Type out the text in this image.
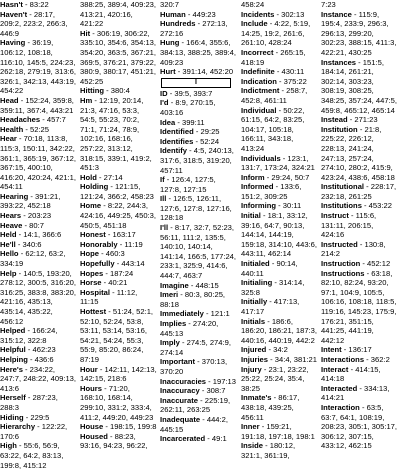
Hasn't - 83:22
Haven't - 28:17, 209:2, 223:2, 266:3, 446:9
Having - 36:19, 106:12, 108:18, 116:10, 145:5, 224:23, 262:18, 279:19, 313:6, 326:1, 342:13, 443:19, 454:22
Head - 152:24, 359:8, 359:11, 367:4, 443:21
Headaches - 457:7
Health - 52:25
Hear - 70:18, 113:8, 115:3, 150:11, 342:22, 361:1, 365:19, 367:12, 367:15, 400:10, 416:20, 420:24, 421:1, 454:11
Hearing - 391:21, 393:22, 452:18
Hears - 203:23
Heave - 80:7
Held - 14:1, 366:6
He'll - 340:6
Hello - 62:12, 63:2, 334:19
Help - 140:5, 193:20, 278:12, 300:5, 316:20, 316:25, 383:8, 383:20, 421:16, 435:13, 435:14, 435:22, 456:12
Helped - 166:24, 315:12, 322:8
Helpful - 462:23
Helping - 436:6
Here's - 234:22, 247:7, 248:22, 409:13, 413:6
Herself - 287:23, 288:3
Hiding - 229:5
Hierarchy - 122:22, 170:6
High - 55:6, 56:9, 63:22, 64:2, 83:13, 199:8, 415:12
388:25, 389:4, 409:23, 413:21, 420:16, 421:22
Hit - 306:19, 306:22, 335:10, 354:6, 354:13, 354:20, 363:5, 367:21, 369:5, 376:21, 379:22, 380:9, 380:17, 451:21, 452:25
Hitting - 380:4
Hm - 12:19, 20:14, 21:3, 47:16, 53:3, 54:5, 55:23, 70:2, 71:1, 71:24, 78:9, 102:16, 168:16, 257:22, 313:12, 318:15, 339:1, 419:2, 451:3
Hold - 27:14
Holding - 121:15, 121:24, 366:2, 458:23
Home - 8:22, 244:3, 424:16, 449:25, 450:3, 450:5, 451:18
Honest - 163:17
Honorably - 11:19
Hope - 460:3
Hopefully - 443:14
Hopes - 187:24
Horse - 40:21
Hospital - 11:12, 11:15
Hottest - 51:24, 52:1, 52:10, 52:24, 53:8, 53:11, 53:14, 53:16, 54:21, 54:24, 55:3, 55:9, 85:20, 86:24, 87:19
Hour - 142:11, 142:13, 142:15, 218:6
Hours - 71:20, 168:10, 168:14, 299:10, 331:2, 333:4, 411:2, 449:20, 449:23
House - 198:15, 199:8
Housed - 88:23, 93:16, 94:23, 96:22,
320:7
Human - 449:23
Hundreds - 272:13, 272:16
Hung - 166:4, 355:6, 384:13, 388:25, 389:4, 409:23
Hurt - 391:14, 452:20
I
ID - 39:5, 393:7
I'd - 8:9, 270:15, 403:16
Idea - 399:11
Identified - 29:25
Identifies - 52:24
Identify - 4:5, 240:13, 317:6, 318:5, 319:20, 457:11
If - 126:4, 127:5, 127:8, 127:15
Ill - 126:5, 126:11, 127:6, 127:8, 127:16, 128:18
I'll - 8:17, 32:7, 52:23, 56:11, 111:2, 135:5, 140:10, 140:14, 141:14, 166:5, 177:24, 233:1, 325:9, 414:6, 444:7, 463:7
Imagine - 448:15
Imeri - 80:3, 80:25, 88:18
Immediately - 121:1
Implies - 274:20, 445:13
Imply - 274:5, 274:9, 274:14
Important - 370:13, 370:20
Inaccuracies - 197:13
Inaccuracy - 308:7
Inaccurate - 225:19, 262:11, 263:25
Inadequate - 444:2, 445:15
Incarcerated - 49:1
458:24
Incidents - 302:13
Include - 4:22, 5:19, 14:25, 19:2, 261:6, 261:10, 428:24
Incorrect - 265:15, 418:19
Indefinite - 430:11
Indication - 375:22
Indictment - 258:7, 452:8, 461:11
Individual - 50:22, 61:15, 64:2, 83:25, 104:17, 105:18, 166:11, 343:18, 413:24
Individuals - 123:1, 131:7, 173:24, 324:21
Inform - 29:24, 50:7
Informed - 133:6, 151:2, 309:25
Informing - 30:11
Initial - 18:1, 33:12, 39:16, 64:7, 90:13, 144:14, 144:19, 159:18, 314:10, 443:6, 443:11, 462:14
Initialed - 90:14, 440:11
Initialing - 314:14, 325:8
Initially - 417:13, 417:17
Initials - 186:6, 186:20, 186:21, 187:3, 440:16, 440:19, 442:2
Injured - 34:2
Injuries - 34:4, 381:21
Injury - 23:1, 23:22, 25:22, 25:24, 35:4, 38:25
Inmate's - 86:17, 438:18, 439:25, 456:11
Inner - 159:21, 191:18, 197:18, 198:1
Inside - 180:12, 321:1, 361:19,
7:23
Instance - 115:9, 195:4, 233:9, 296:3, 296:13, 299:20, 302:23, 388:15, 411:3, 422:21, 430:25
Instances - 151:5, 184:14, 261:21, 302:14, 303:23, 308:19, 308:25, 348:25, 357:24, 447:5, 459:8, 465:12, 465:14
Instead - 271:23
Institution - 21:8, 225:22, 226:12, 228:13, 241:24, 247:13, 257:24, 274:10, 280:2, 415:9, 423:24, 438:6, 458:18
Institutional - 228:17, 232:18, 261:25
Institutions - 453:22
Instruct - 115:6, 131:11, 206:15, 424:16
Instructed - 130:8, 214:2
Instruction - 452:12
Instructions - 63:18, 82:10, 82:24, 93:20, 97:1, 104:9, 105:5, 106:16, 108:18, 118:5, 119:16, 145:23, 175:9, 176:21, 351:15, 441:25, 441:19, 442:12
Intent - 136:17
Interactions - 362:2
Interact - 414:15, 414:18
Interacted - 334:13, 414:21
Interaction - 63:5, 63:7, 64:1, 108:19, 208:23, 305:1, 305:17, 306:12, 307:15, 433:12, 462:15
